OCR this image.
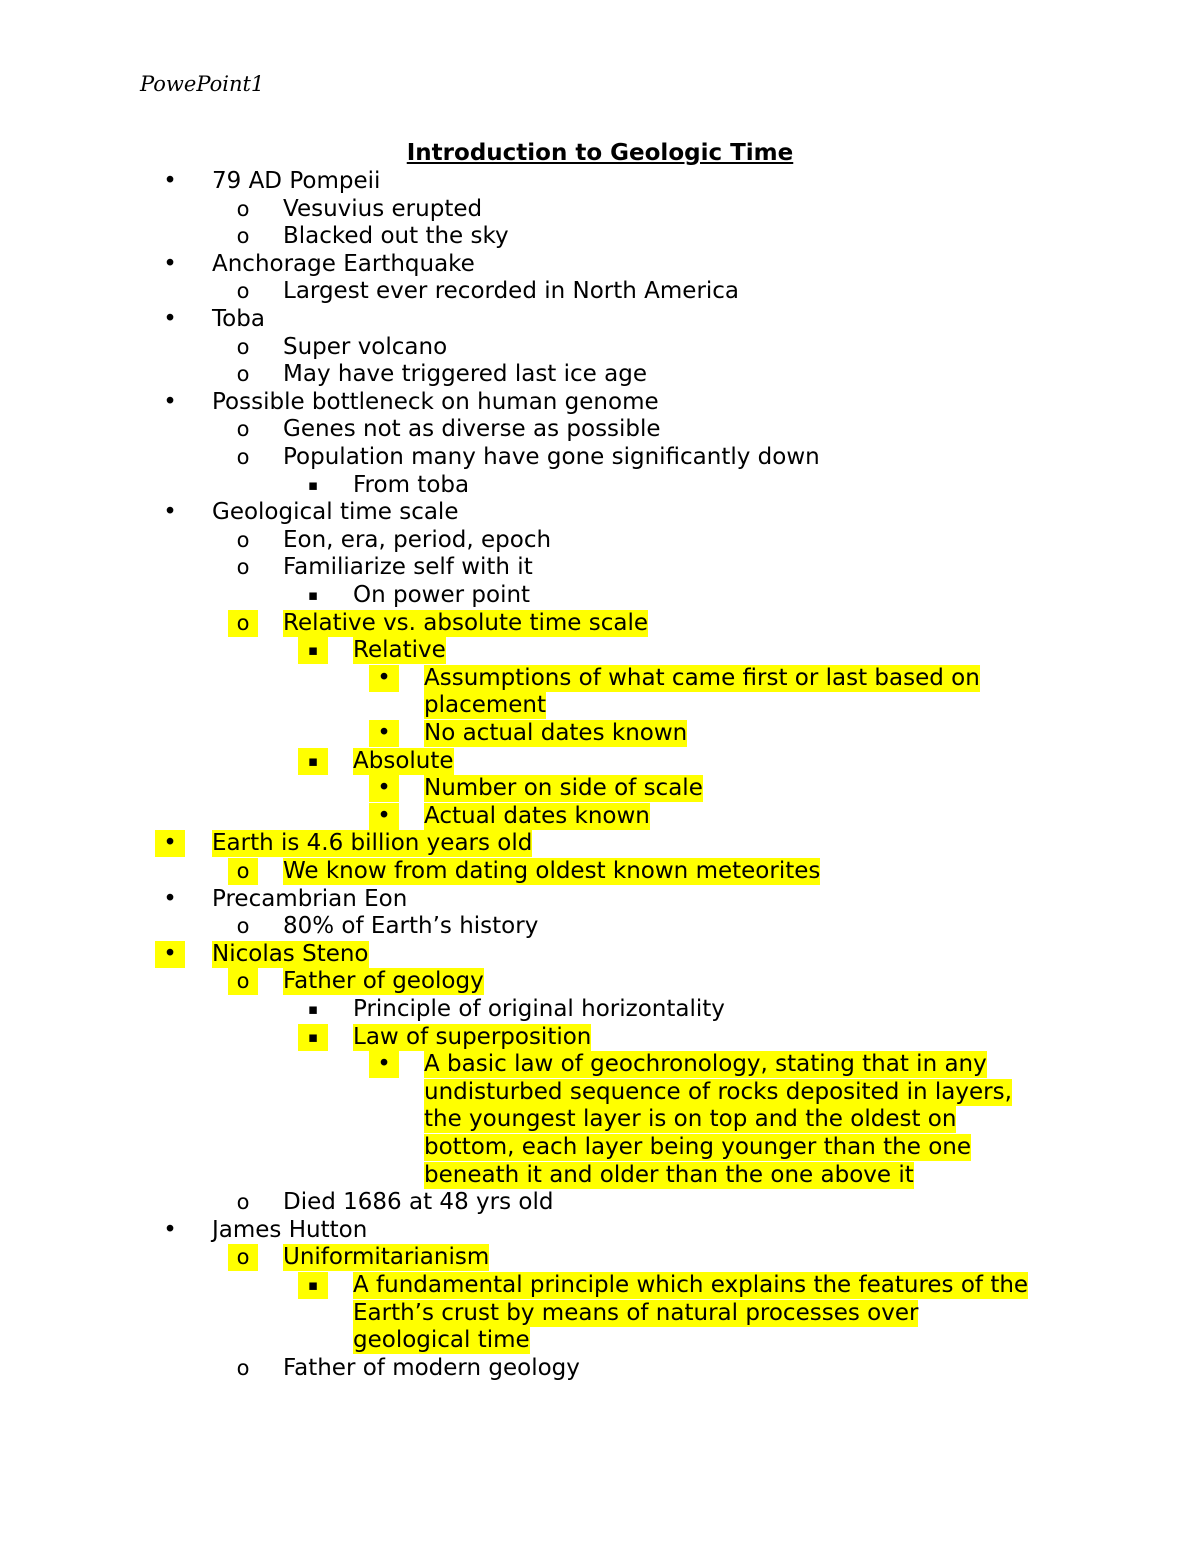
PowePoint1
Introduction to Geologic Time
•	79 AD Pompeii
o	Vesuvius erupted
o	Blacked out the sky
•	Anchorage Earthquake
o	Largest ever recorded in North America
•	Toba
o	Super volcano
o	May have triggered last ice age
•	Possible bottleneck on human genome
o	Genes not as diverse as possible
o	Population many have gone significantly down
▪	From toba
•	Geological time scale
o	Eon, era, period, epoch
o	Familiarize self with it
▪	On power point
o	Relative vs. absolute time scale
▪	Relative
•	Assumptions of what came first or last based on
placement
•	No actual dates known
▪	Absolute
•	Number on side of scale
•	Actual dates known
•	Earth is 4.6 billion years old
o	We know from dating oldest known meteorites
•	Precambrian Eon
o	80% of Earth’s history
•	Nicolas Steno
o	Father of geology
▪	Principle of original horizontality
▪	Law of superposition
•	A basic law of geochronology, stating that in any
undisturbed sequence of rocks deposited in layers,
the youngest layer is on top and the oldest on
bottom, each layer being younger than the one
beneath it and older than the one above it
o	Died 1686 at 48 yrs old
•	James Hutton
o	Uniformitarianism
▪	A fundamental principle which explains the features of the
Earth’s crust by means of natural processes over
geological time
o	Father of modern geology
